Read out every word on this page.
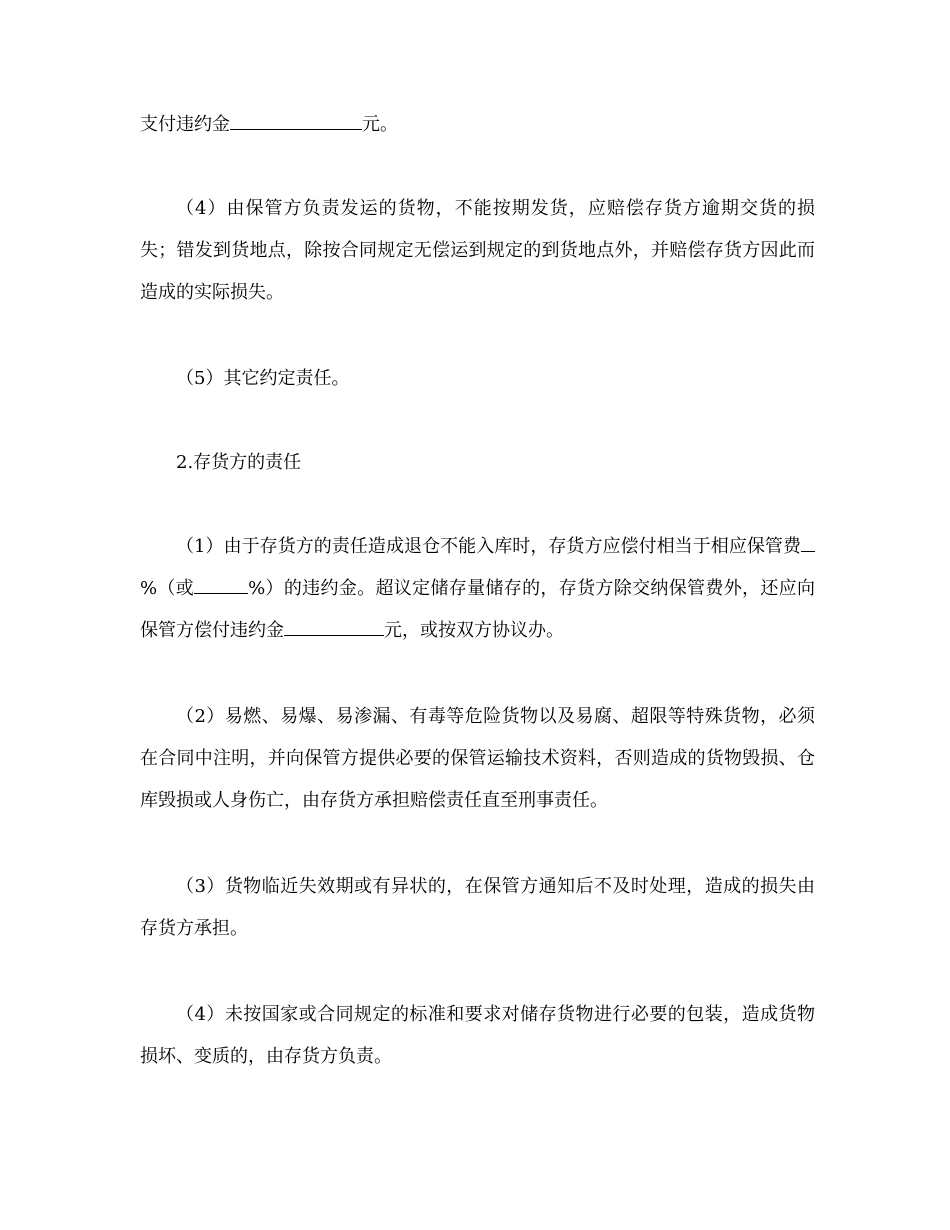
支付违约金	元。

（4）由保管方负责发运的货物，不能按期发货，应赔偿存货方逾期交货的损失；错发到货地点，除按合同规定无偿运到规定的到货地点外，并赔偿存货方因此而造成的实际损失。

（5）其它约定责任。

2.存货方的责任

（1）由于存货方的责任造成退仓不能入库时，存货方应偿付相当于相应保管费%（或	%）的违约金。超议定储存量储存的，存货方除交纳保管费外，还应向保管方偿付违约金	元，或按双方协议办。

（2）易燃、易爆、易渗漏、有毒等危险货物以及易腐、超限等特殊货物，必须在合同中注明，并向保管方提供必要的保管运输技术资料，否则造成的货物毁损、仓库毁损或人身伤亡，由存货方承担赔偿责任直至刑事责任。

（3）货物临近失效期或有异状的，在保管方通知后不及时处理，造成的损失由存货方承担。

（4）未按国家或合同规定的标准和要求对储存货物进行必要的包装，造成货物损坏、变质的，由存货方负责。
